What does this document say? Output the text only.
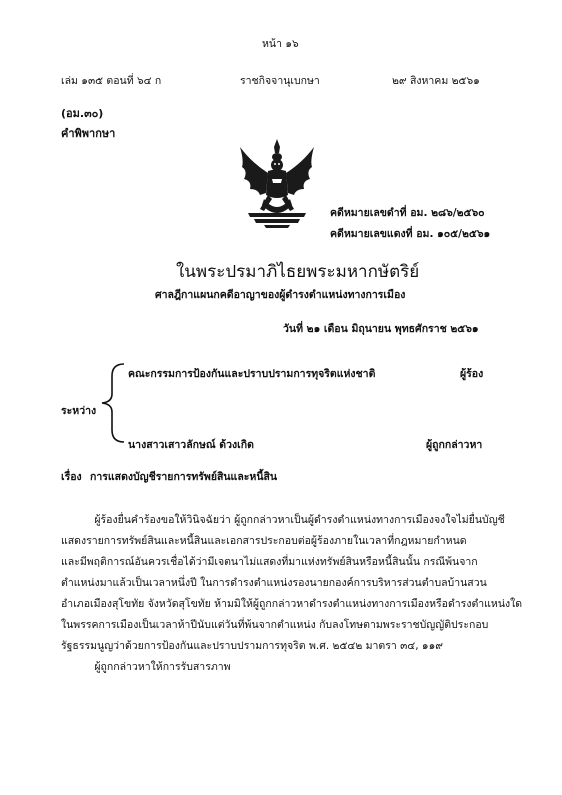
หน้า ๑๖
เล่ม ๑๓๕ ตอนที่ ๖๔ ก	ราชกิจจานุเบกษา	๒๙ สิงหาคม ๒๕๖๑
(อม.๓๐)
คำพิพากษา
คดีหมายเลขดำที่ อม. ๒๘๖/๒๕๖๐
คดีหมายเลขแดงที่ อม. ๑๐๕/๒๕๖๑
ในพระปรมาภิไธยพระมหากษัตริย์
ศาลฎีกาแผนกคดีอาญาของผู้ดำรงตำแหน่งทางการเมือง
วันที่ ๒๑ เดือน มิถุนายน พุทธศักราช ๒๕๖๑
คณะกรรมการป้องกันและปราบปรามการทุจริตแห่งชาติ	ผู้ร้อง
ระหว่าง
นางสาวเสาวลักษณ์ ด้วงเกิด	ผู้ถูกกล่าวหา
เรื่อง การแสดงบัญชีรายการทรัพย์สินและหนี้สิน

ผู้ร้องยื่นคำร้องขอให้วินิจฉัยว่า ผู้ถูกกล่าวหาเป็นผู้ดำรงตำแหน่งทางการเมืองจงใจไม่ยื่นบัญชี

แสดงรายการทรัพย์สินและหนี้สินและเอกสารประกอบต่อผู้ร้องภายในเวลาที่กฎหมายกำหนด

และมีพฤติการณ์อันควรเชื่อได้ว่ามีเจตนาไม่แสดงที่มาแห่งทรัพย์สินหรือหนี้สินนั้น กรณีพ้นจาก

ตำแหน่งมาแล้วเป็นเวลาหนึ่งปี ในการดำรงตำแหน่งรองนายกองค์การบริหารส่วนตำบลบ้านสวน

อำเภอเมืองสุโขทัย จังหวัดสุโขทัย ห้ามมิให้ผู้ถูกกล่าวหาดำรงตำแหน่งทางการเมืองหรือดำรงตำแหน่งใด

ในพรรคการเมืองเป็นเวลาห้าปีนับแต่วันที่พ้นจากตำแหน่ง กับลงโทษตามพระราชบัญญัติประกอบ

รัฐธรรมนูญว่าด้วยการป้องกันและปราบปรามการทุจริต พ.ศ. ๒๕๔๒ มาตรา ๓๔, ๑๑๙

ผู้ถูกกล่าวหาให้การรับสารภาพ
